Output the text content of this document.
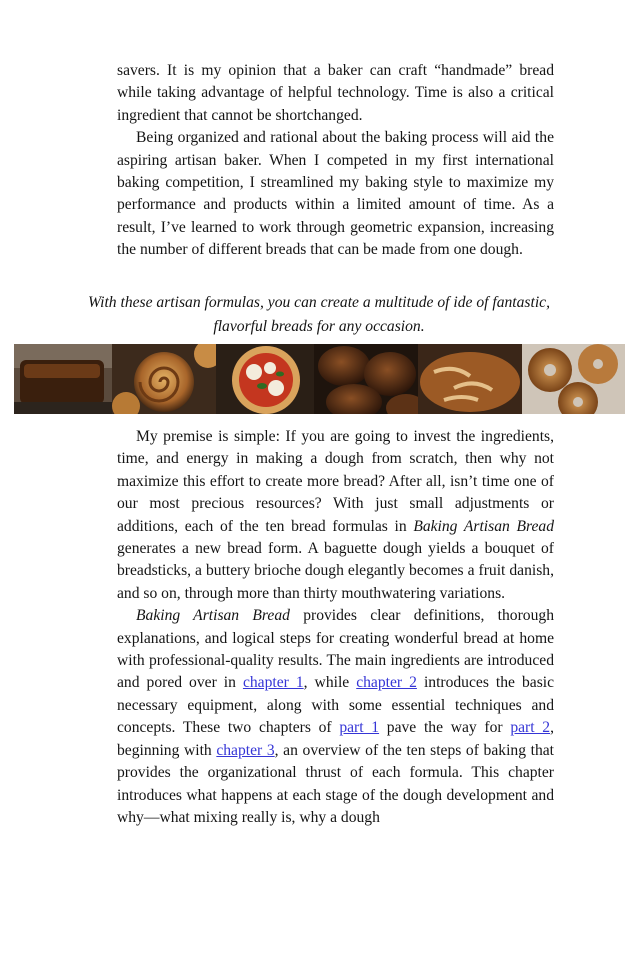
savers. It is my opinion that a baker can craft “handmade” bread while taking advantage of helpful technology. Time is also a critical ingredient that cannot be shortchanged.

Being organized and rational about the baking process will aid the aspiring artisan baker. When I competed in my first international baking competition, I streamlined my baking style to maximize my performance and products within a limited amount of time. As a result, I’ve learned to work through geometric expansion, increasing the number of different breads that can be made from one dough.

With these artisan formulas, you can create a multitude of ide of fantastic, flavorful breads for any occasion.

My premise is simple: If you are going to invest the ingredients, time, and energy in making a dough from scratch, then why not maximize this effort to create more bread? After all, isn’t time one of our most precious resources? With just small adjustments or additions, each of the ten bread formulas in Baking Artisan Bread generates a new bread form. A baguette dough yields a bouquet of breadsticks, a buttery brioche dough elegantly becomes a fruit danish, and so on, through more than thirty mouthwatering variations.

Baking Artisan Bread provides clear definitions, thorough explanations, and logical steps for creating wonderful bread at home with professional-quality results. The main ingredients are introduced and pored over in chapter 1, while chapter 2 introduces the basic necessary equipment, along with some essential techniques and concepts. These two chapters of part 1 pave the way for part 2, beginning with chapter 3, an overview of the ten steps of baking that provides the organizational thrust of each formula. This chapter introduces what happens at each stage of the dough development and why—what mixing really is, why a dough
